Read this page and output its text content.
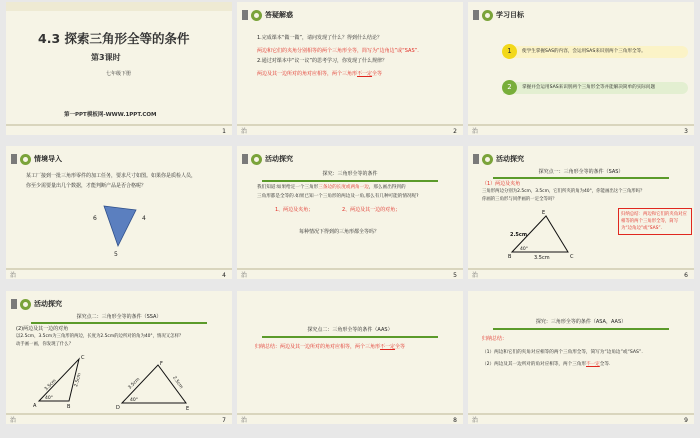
4.3 探索三角形全等的条件
第3课时
七年级下册
第一PPT模板网-WWW.1PPT.COM
1
答疑解惑
1.完成课本“做一做”，请问发现了什么？得到什么结论？
两边和它们的夹角分别相等的两个三角形全等，简写为“边角边”或“SAS”.
2.通过对课本中“议一议”的思考学习，你发现了什么规律？
两边及其一边所对的角对应相等，两个三角形不一定全等
治	2
学习目标
1	使学生掌握SAS的内容，会运用SAS来识别两个三角形全等。
2	掌握并会运用SAS来识别两个三角形全等并能解决简单的实际问题
治	3
情境导入
某工厂接到一批三角形零件的加工任务，要求尺寸如图。如果你是质检人员，
你至少需要量出几个数据，才能判断产品是否合格呢？
6	4
5
治	4
活动探究
探究：三角形全等的条件
我们知道:如果给定一个三角形三条边的长度或两角一边，那么画出得到的
三角形都是全等的.如果已知一个三角形的两边及一角,那么有几种可能的情况呢?
1、两边及夹角；	2、两边及其一边的对角；
每种情况下得到的三角形都全等吗？
治	5
活动探究
探究点一：三角形全等的条件（SAS）
（1）两边及夹角
三角形两边分别为2.5cm，3.5cm，它们所夹的角为40°，你能画出这个三角形吗？
你画的三角形与同伴画的一定全等吗？
E
B	C
2.5cm
3.5cm
40°
归纳总结：两边和它们的夹角对应相等的两个三角形全等，简写为“边角边”或“SAS”.
治	6
活动探究
探究点二：三角形全等的条件（SSA）
(2)两边及其一边的对角
以2.5cm，3.5cm为三角形的两边，长度为2.5cm的边所对的角为40°，情况又怎样？
动手画一画，你发现了什么？
A	B
C
3.5cm	2.5cm
40°
D
F
E
3.5cm	2.5cm
40°
治	7
探究点二：三角形全等的条件（AAS）
归纳总结：两边及其一边所对的角对应相等，两个三角形不一定全等
治	8
探究：三角形全等的条件（ASA，AAS）
归纳总结：
（1）两边和它们的夹角对应相等的两个三角形全等，简写为“边角边”或“SAS”.
（2）两边及其一边所对的角对应相等，两个三角形不一定全等.
治	9
